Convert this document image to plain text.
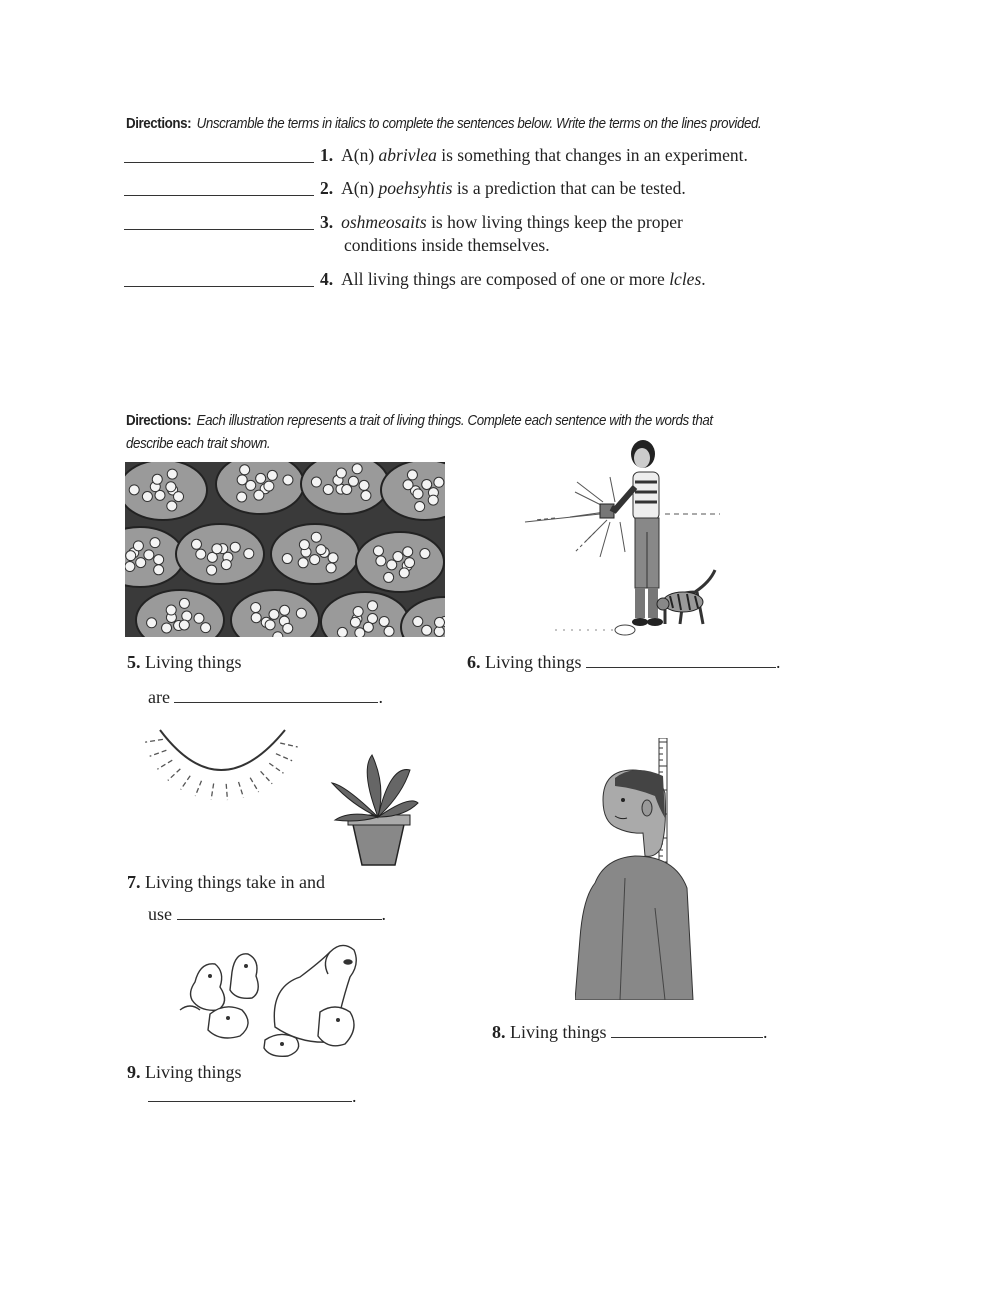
Directions: Unscramble the terms in italics to complete the sentences below. Write the terms on the lines provided.
1. A(n) abrivlea is something that changes in an experiment.
2. A(n) poehsyhtis is a prediction that can be tested.
3. oshmeosaits is how living things keep the proper
conditions inside themselves.
4. All living things are composed of one or more lcles.
Directions: Each illustration represents a trait of living things. Complete each sentence with the words that
describe each trait shown.
5. Living things
are	.
6. Living things	.
7. Living things take in and
use	.
8. Living things	.
9. Living things
.
